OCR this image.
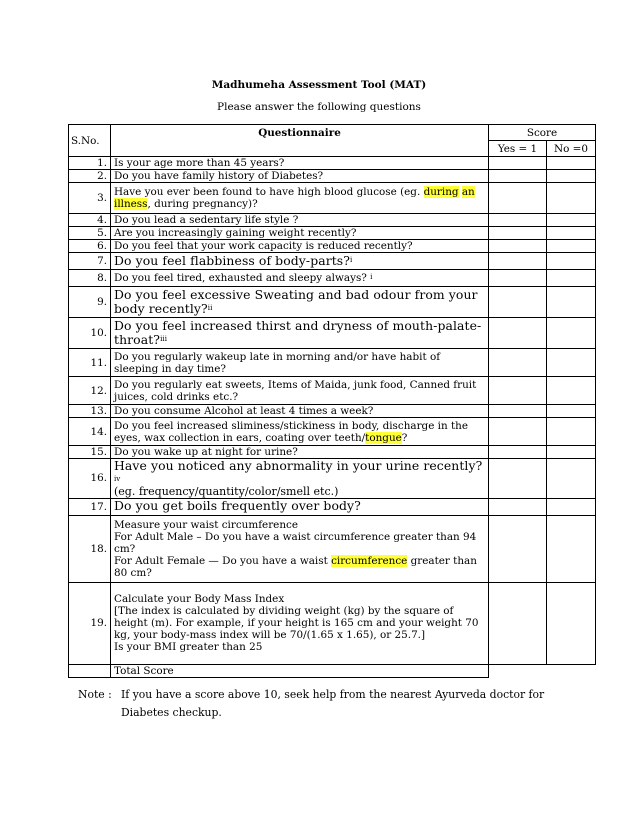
Madhumeha Assessment Tool (MAT)
Please answer the following questions
S.No.	Questionnaire	Score	
		Yes = 1	No =0
1.	Is your age more than 45 years?		
2.	Do you have family history of Diabetes?		
3.	Have you ever been found to have high blood glucose (eg. during an illness, during pregnancy)?		
4.	Do you lead a sedentary life style ?		
5.	Are you increasingly gaining weight recently?		
6.	Do you feel that your work capacity is reduced recently?		
7.	Do you feel flabbiness of body-parts?$^i$		
8.	Do you feel tired, exhausted and sleepy always? $^i$		
9.	Do you feel excessive Sweating and bad odour from your body recently?$^{ii}$		
10.	Do you feel increased thirst and dryness of mouth-palate-throat?$^{iii}$		
11.	Do you regularly wakeup late in morning and/or have habit of sleeping in day time?		
12.	Do you regularly eat sweets, Items of Maida, junk food, Canned fruit juices, cold drinks etc.?		
13.	Do you consume Alcohol at least 4 times a week?		
14.	Do you feel increased sliminess/stickiness in body, discharge in the eyes, wax collection in ears, coating over teeth/tongue?		
15.	Do you wake up at night for urine?		
16.	Have you noticed any abnormality in your urine recently? $^{iv}$
(eg. frequency/quantity/color/smell etc.)		
17.	Do you get boils frequently over body?		
18.	Measure your waist circumference
For Adult Male – Do you have a waist circumference greater than 94 cm?
For Adult Female — Do you have a waist circumference greater than 80 cm?		
19.	Calculate your Body Mass Index
[The index is calculated by dividing weight (kg) by the square of height (m). For example, if your height is 165 cm and your weight 70 kg, your body-mass index will be 70/(1.65 x 1.65), or 25.7.]
Is your BMI greater than 25		
	Total Score		
Note : If you have a score above 10, seek help from the nearest Ayurveda doctor for Diabetes checkup.
